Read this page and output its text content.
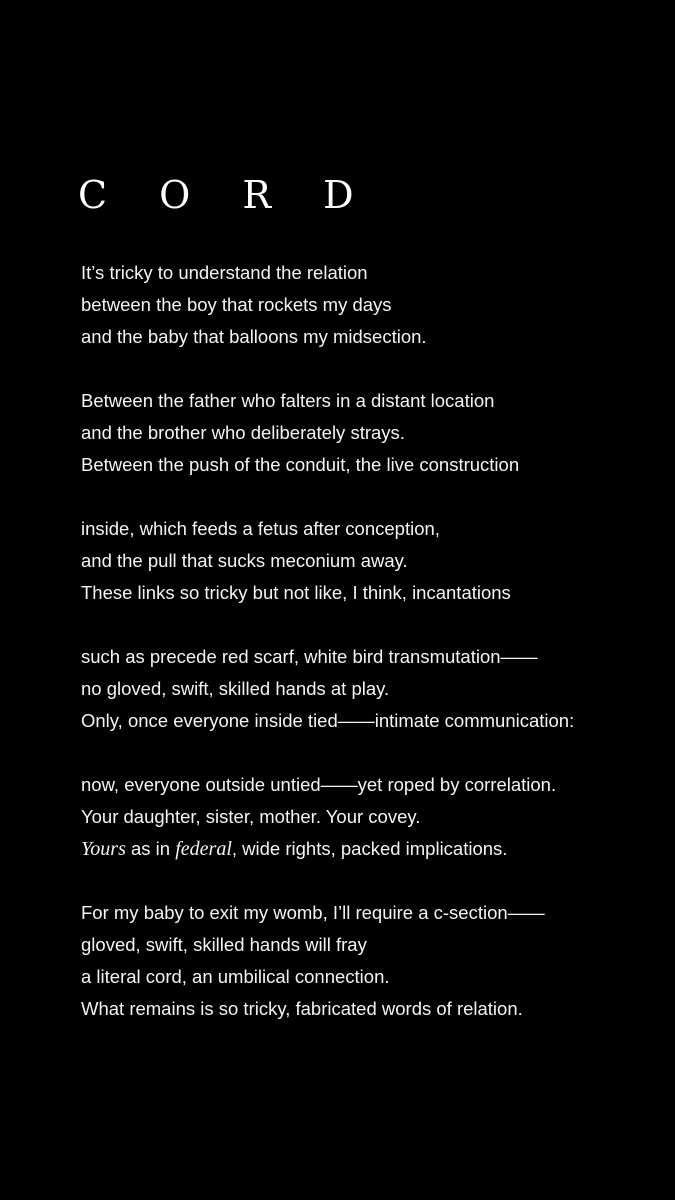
C O R D
It’s tricky to understand the relation
between the boy that rockets my days
and the baby that balloons my midsection.
Between the father who falters in a distant location
and the brother who deliberately strays.
Between the push of the conduit, the live construction
inside, which feeds a fetus after conception,
and the pull that sucks meconium away.
These links so tricky but not like, I think, incantations
such as precede red scarf, white bird transmutation——
no gloved, swift, skilled hands at play.
Only, once everyone inside tied——intimate communication:
now, everyone outside untied——yet roped by correlation.
Your daughter, sister, mother. Your covey.
Yours as in federal, wide rights, packed implications.
For my baby to exit my womb, I’ll require a c-section——
gloved, swift, skilled hands will fray
a literal cord, an umbilical connection.
What remains is so tricky, fabricated words of relation.
